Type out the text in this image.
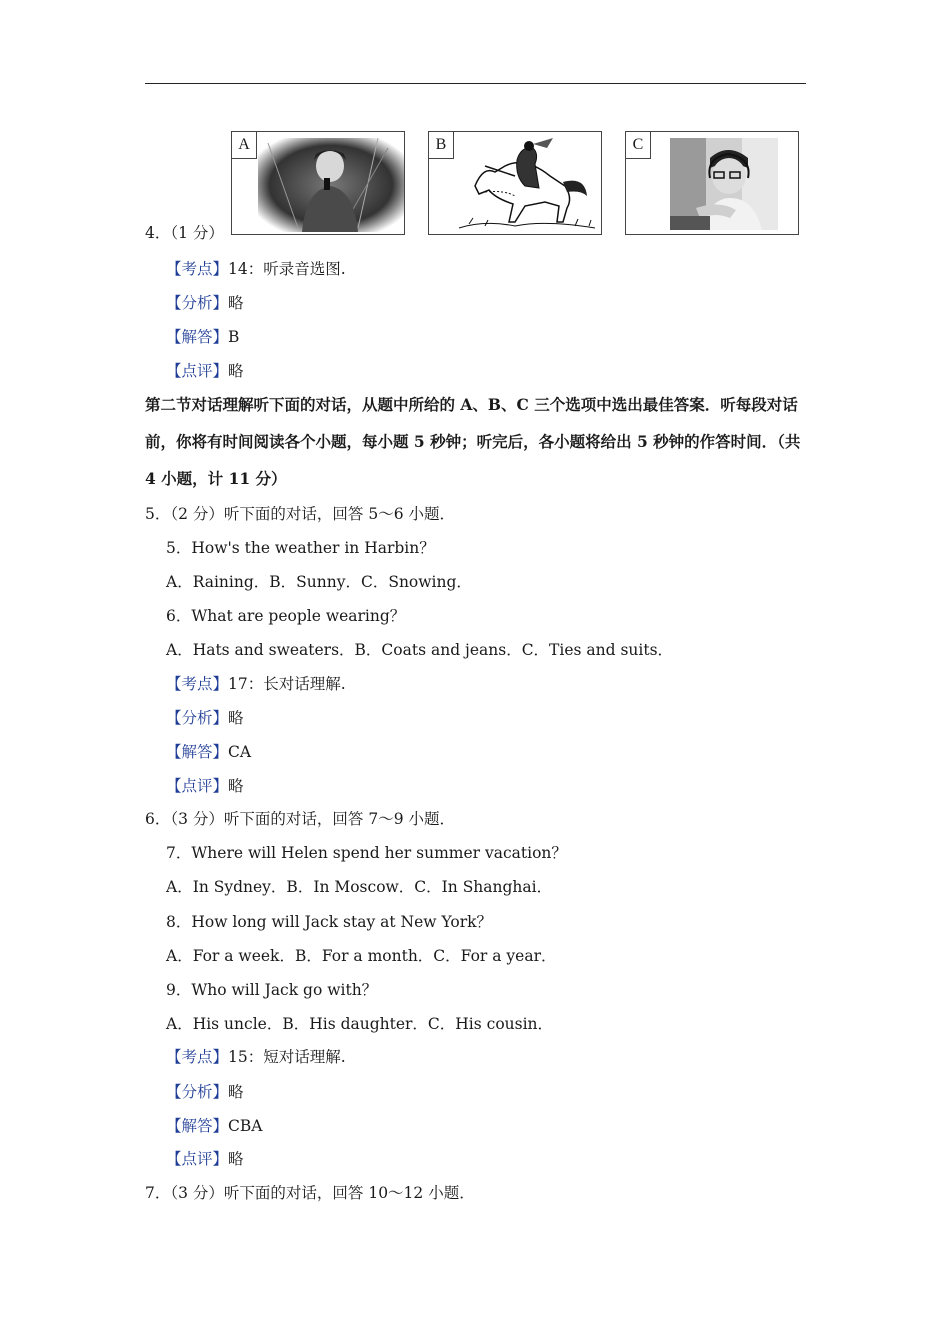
A	B	C
4．（1 分）
【考点】14：听录音选图.
【分析】略
【解答】B
【点评】略
第二节对话理解听下面的对话，从题中所给的 A、B、C 三个选项中选出最佳答案．听每段对话前，你将有时间阅读各个小题，每小题 5 秒钟；听完后，各小题将给出 5 秒钟的作答时间．（共 4 小题，计 11 分）
5．（2 分）听下面的对话，回答 5～6 小题．
5．How's the weather in Harbin？
A．Raining．B．Sunny．C．Snowing．
6．What are people wearing？
A．Hats and sweaters．B．Coats and jeans．C．Ties and suits．
【考点】17：长对话理解.
【分析】略
【解答】CA
【点评】略
6．（3 分）听下面的对话，回答 7～9 小题．
7．Where will Helen spend her summer vacation？
A．In Sydney．B．In Moscow．C．In Shanghai．
8．How long will Jack stay at New York？
A．For a week．B．For a month．C．For a year．
9．Who will Jack go with？
A．His uncle．B．His daughter．C．His cousin．
【考点】15：短对话理解.
【分析】略
【解答】CBA
【点评】略
7．（3 分）听下面的对话，回答 10～12 小题．
